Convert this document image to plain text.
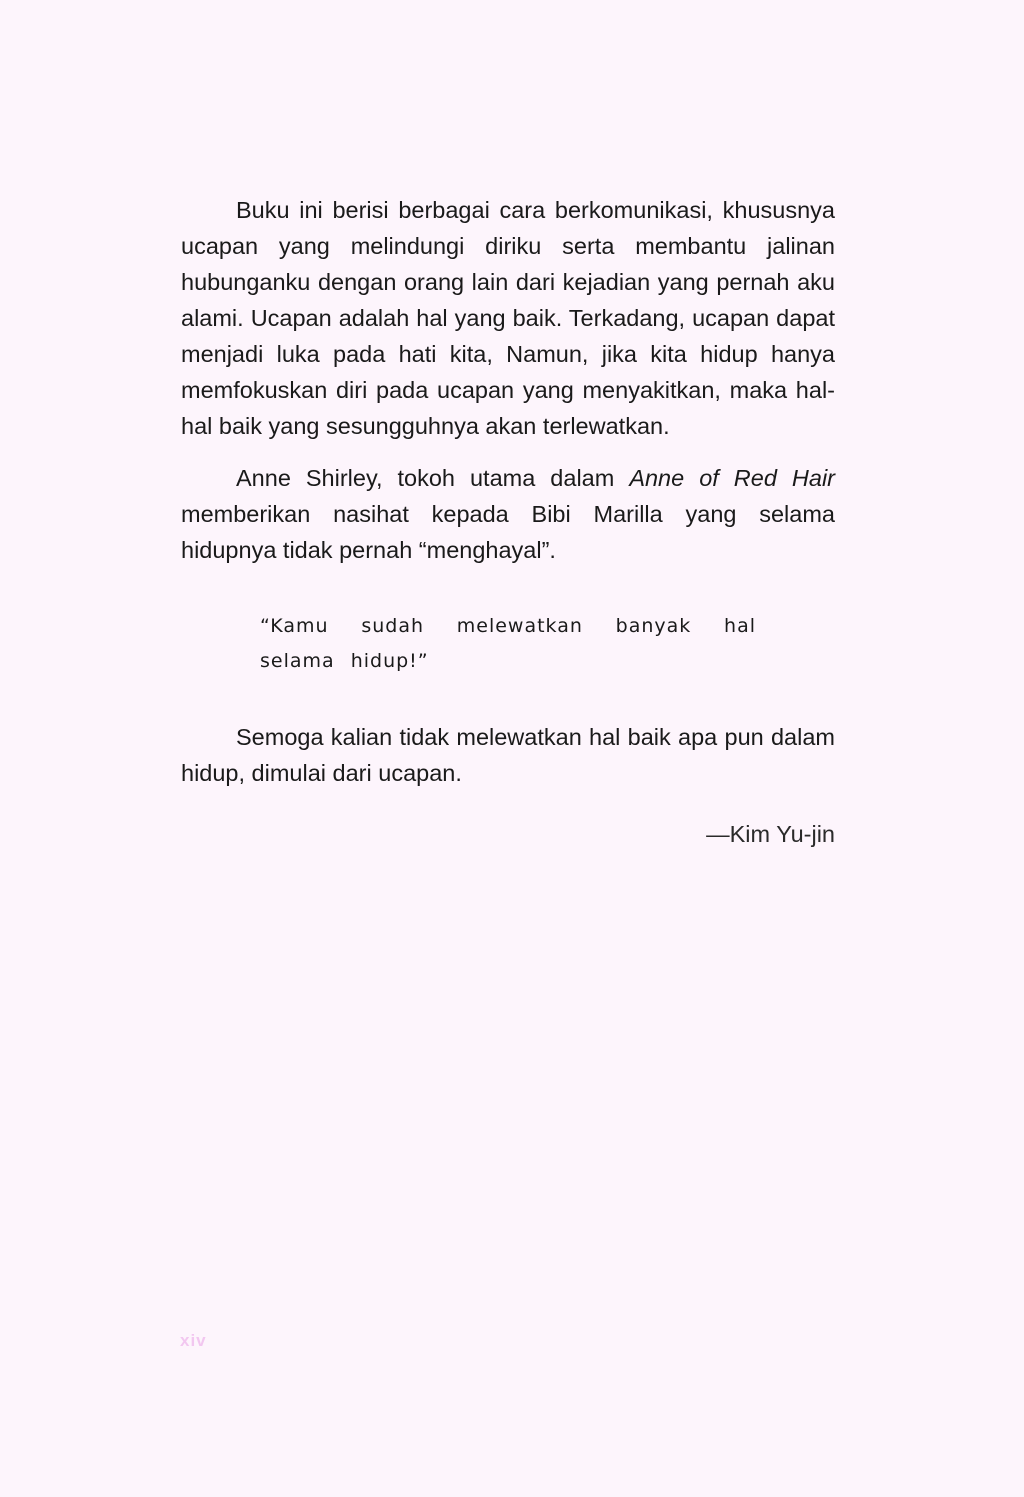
Buku ini berisi berbagai cara berkomunikasi, khususnya ucapan yang melindungi diriku serta membantu jalinan hubunganku dengan orang lain dari kejadian yang pernah aku alami. Ucapan adalah hal yang baik. Terkadang, ucapan dapat menjadi luka pada hati kita, Namun, jika kita hidup hanya memfokuskan diri pada ucapan yang menyakitkan, maka hal-hal baik yang sesungguhnya akan terlewatkan.

Anne Shirley, tokoh utama dalam Anne of Red Hair memberikan nasihat kepada Bibi Marilla yang selama hidupnya tidak pernah “menghayal”.

“Kamu sudah melewatkan banyak hal selama hidup!”

Semoga kalian tidak melewatkan hal baik apa pun dalam hidup, dimulai dari ucapan.

—Kim Yu-jin

xiv
